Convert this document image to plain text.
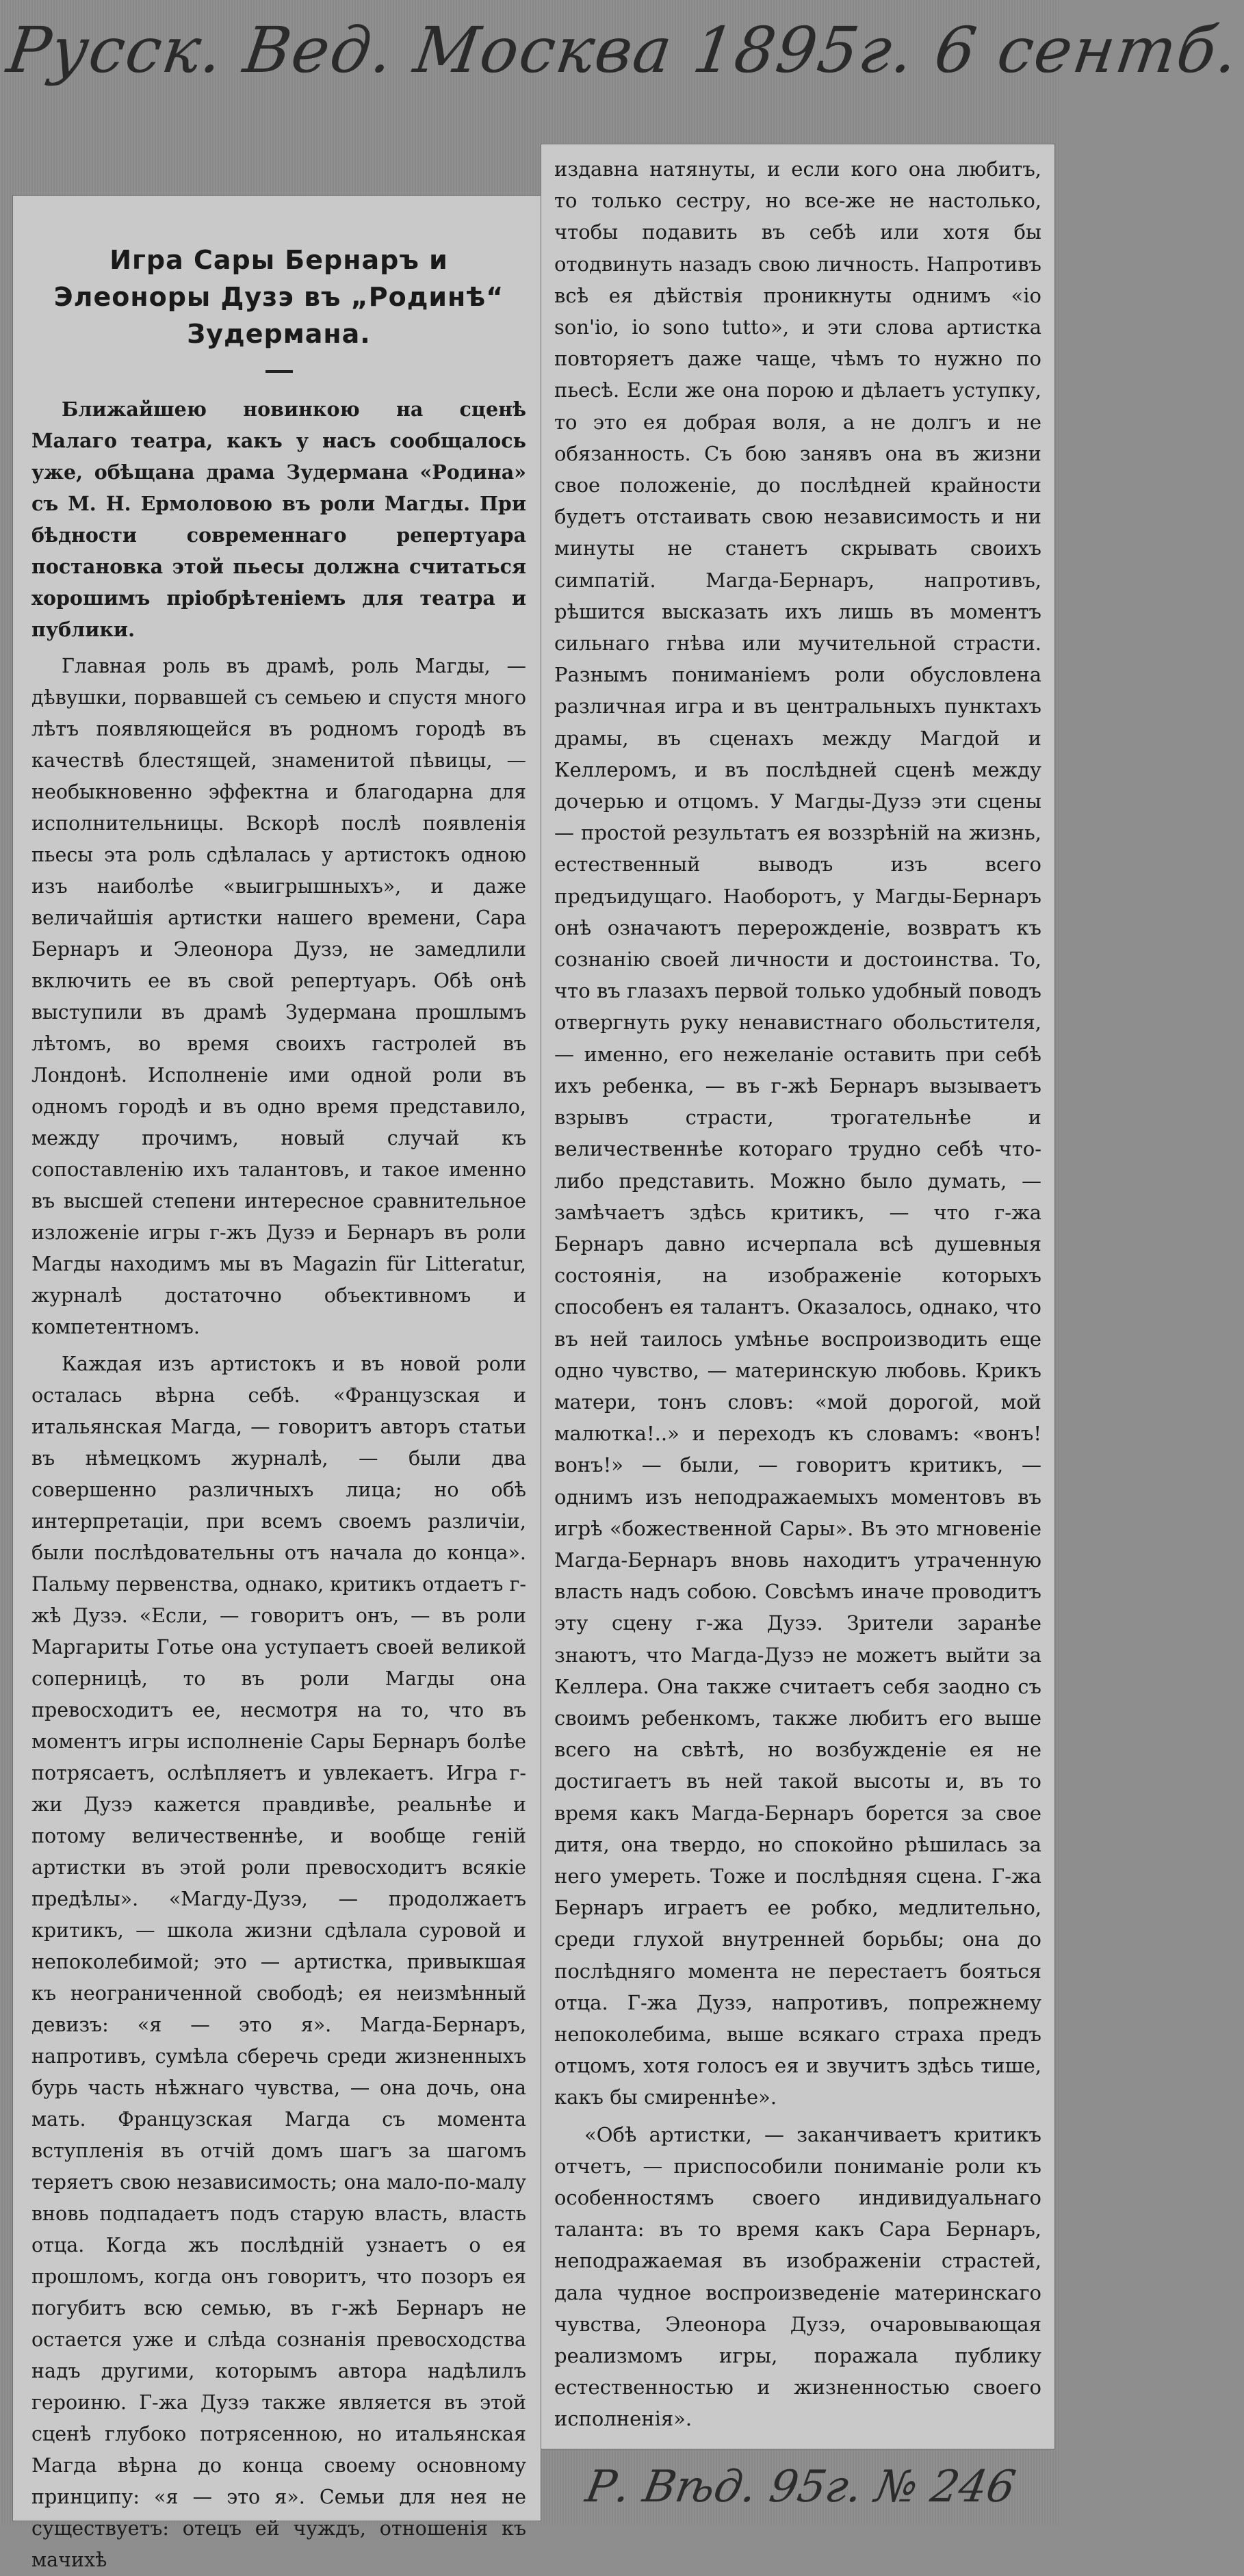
Русск. Вед. Москва 1895г. 6 сентб.
Игра Сары Бернаръ и Элеоноры Дузэ въ „Родинѣ“ Зудермана.

Ближайшею новинкою на сценѣ Малаго театра, какъ у насъ сообщалось уже, обѣщана драма Зудермана «Родина» съ М. Н. Ермоловою въ роли Магды. При бѣдности современнаго репертуара постановка этой пьесы должна считаться хорошимъ пріобрѣтеніемъ для театра и публики.

Главная роль въ драмѣ, роль Магды, — дѣвушки, порвавшей съ семьею и спустя много лѣтъ появляющейся въ родномъ городѣ въ качествѣ блестящей, знаменитой пѣвицы, — необыкновенно эффектна и благодарна для исполнительницы. Вскорѣ послѣ появленія пьесы эта роль сдѣлалась у артистокъ одною изъ наиболѣе «выигрышныхъ», и даже величайшія артистки нашего времени, Сара Бернаръ и Элеонора Дузэ, не замедлили включить ее въ свой репертуаръ. Обѣ онѣ выступили въ драмѣ Зудермана прошлымъ лѣтомъ, во время своихъ гастролей въ Лондонѣ. Исполненіе ими одной роли въ одномъ городѣ и въ одно время представило, между прочимъ, новый случай къ сопоставленію ихъ талантовъ, и такое именно въ высшей степени интересное сравнительное изложеніе игры г-жъ Дузэ и Бернаръ въ роли Магды находимъ мы въ Magazin für Litteratur, журналѣ достаточно объективномъ и компетентномъ.

Каждая изъ артистокъ и въ новой роли осталась вѣрна себѣ. «Французская и итальянская Магда, — говоритъ авторъ статьи въ нѣмецкомъ журналѣ, — были два совершенно различныхъ лица; но обѣ интерпретаціи, при всемъ своемъ различіи, были послѣдовательны отъ начала до конца». Пальму первенства, однако, критикъ отдаетъ г-жѣ Дузэ. «Если, — говоритъ онъ, — въ роли Маргариты Готье она уступаетъ своей великой соперницѣ, то въ роли Магды она превосходитъ ее, несмотря на то, что въ моментъ игры исполненіе Сары Бернаръ болѣе потрясаетъ, ослѣпляетъ и увлекаетъ. Игра г-жи Дузэ кажется правдивѣе, реальнѣе и потому величественнѣе, и вообще геній артистки въ этой роли превосходитъ всякіе предѣлы». «Магду-Дузэ, — продолжаетъ критикъ, — школа жизни сдѣлала суровой и непоколебимой; это — артистка, привыкшая къ неограниченной свободѣ; ея неизмѣнный девизъ: «я — это я». Магда-Бернаръ, напротивъ, сумѣла сберечь среди жизненныхъ бурь часть нѣжнаго чувства, — она дочь, она мать. Французская Магда съ момента вступленія въ отчій домъ шагъ за шагомъ теряетъ свою независимость; она мало-по-малу вновь подпадаетъ подъ старую власть, власть отца. Когда жъ послѣдній узнаетъ о ея прошломъ, когда онъ говоритъ, что позоръ ея погубитъ всю семью, въ г-жѣ Бернаръ не остается уже и слѣда сознанія превосходства надъ другими, которымъ автора надѣлилъ героиню. Г-жа Дузэ также является въ этой сценѣ глубоко потрясенною, но итальянская Магда вѣрна до конца своему основному принципу: «я — это я». Семьи для нея не существуетъ: отецъ ей чуждъ, отношенія къ мачихѣ

издавна натянуты, и если кого она любитъ, то только сестру, но все-же не настолько, чтобы подавить въ себѣ или хотя бы отодвинуть назадъ свою личность. Напротивъ всѣ ея дѣйствія проникнуты однимъ «io son'io, io sono tutto», и эти слова артистка повторяетъ даже чаще, чѣмъ то нужно по пьесѣ. Если же она порою и дѣлаетъ уступку, то это ея добрая воля, а не долгъ и не обязанность. Съ бою занявъ она въ жизни свое положеніе, до послѣдней крайности будетъ отстаивать свою независимость и ни минуты не станетъ скрывать своихъ симпатій. Магда-Бернаръ, напротивъ, рѣшится высказать ихъ лишь въ моментъ сильнаго гнѣва или мучительной страсти. Разнымъ пониманіемъ роли обусловлена различная игра и въ центральныхъ пунктахъ драмы, въ сценахъ между Магдой и Келлеромъ, и въ послѣдней сценѣ между дочерью и отцомъ. У Магды-Дузэ эти сцены — простой результатъ ея воззрѣній на жизнь, естественный выводъ изъ всего предъидущаго. Наоборотъ, у Магды-Бернаръ онѣ означаютъ перерожденіе, возвратъ къ сознанію своей личности и достоинства. То, что въ глазахъ первой только удобный поводъ отвергнуть руку ненавистнаго обольстителя, — именно, его нежеланіе оставить при себѣ ихъ ребенка, — въ г-жѣ Бернаръ вызываетъ взрывъ страсти, трогательнѣе и величественнѣе котораго трудно себѣ что-либо представить. Можно было думать, — замѣчаетъ здѣсь критикъ, — что г-жа Бернаръ давно исчерпала всѣ душевныя состоянія, на изображеніе которыхъ способенъ ея талантъ. Оказалось, однако, что въ ней таилось умѣнье воспроизводить еще одно чувство, — материнскую любовь. Крикъ матери, тонъ словъ: «мой дорогой, мой малютка!..» и переходъ къ словамъ: «вонъ! вонъ!» — были, — говоритъ критикъ, — однимъ изъ неподражаемыхъ моментовъ въ игрѣ «божественной Сары». Въ это мгновеніе Магда-Бернаръ вновь находитъ утраченную власть надъ собою. Совсѣмъ иначе проводитъ эту сцену г-жа Дузэ. Зрители заранѣе знаютъ, что Магда-Дузэ не можетъ выйти за Келлера. Она также считаетъ себя заодно съ своимъ ребенкомъ, также любитъ его выше всего на свѣтѣ, но возбужденіе ея не достигаетъ въ ней такой высоты и, въ то время какъ Магда-Бернаръ борется за свое дитя, она твердо, но спокойно рѣшилась за него умереть. Тоже и послѣдняя сцена. Г-жа Бернаръ играетъ ее робко, медлительно, среди глухой внутренней борьбы; она до послѣдняго момента не перестаетъ бояться отца. Г-жа Дузэ, напротивъ, попрежнему непоколебима, выше всякаго страха предъ отцомъ, хотя голосъ ея и звучитъ здѣсь тише, какъ бы смиреннѣе».

«Обѣ артистки, — заканчиваетъ критикъ отчетъ, — приспособили пониманіе роли къ особенностямъ своего индивидуальнаго таланта: въ то время какъ Сара Бернаръ, неподражаемая въ изображеніи страстей, дала чудное воспроизведеніе материнскаго чувства, Элеонора Дузэ, очаровывающая реализмомъ игры, поражала публику естественностью и жизненностью своего исполненія».

Р. Вѣд. 95г. № 246
